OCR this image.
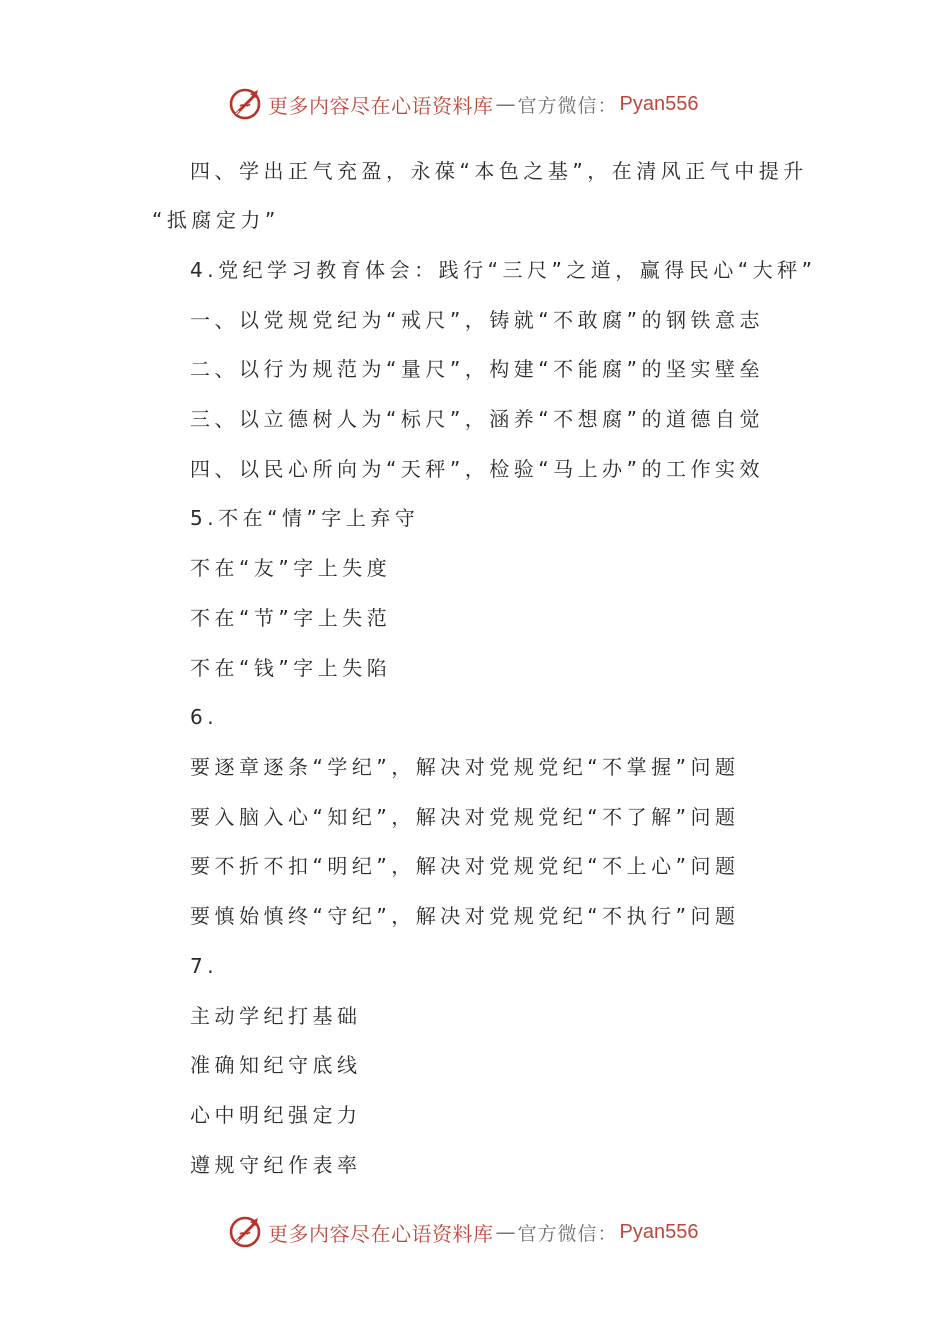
更多内容尽在心语资料库 — 官方微信： Pyan556
四、学出正气充盈，永葆“本色之基”，在清风正气中提升
“抵腐定力”
4.党纪学习教育体会：践行“三尺”之道，赢得民心“大秤”
一、以党规党纪为“戒尺”，铸就“不敢腐”的钢铁意志
二、以行为规范为“量尺”，构建“不能腐”的坚实壁垒
三、以立德树人为“标尺”，涵养“不想腐”的道德自觉
四、以民心所向为“天秤”，检验“马上办”的工作实效
5.不在“情”字上弃守
不在“友”字上失度
不在“节”字上失范
不在“钱”字上失陷
6.
要逐章逐条“学纪”，解决对党规党纪“不掌握”问题
要入脑入心“知纪”，解决对党规党纪“不了解”问题
要不折不扣“明纪”，解决对党规党纪“不上心”问题
要慎始慎终“守纪”，解决对党规党纪“不执行”问题
7.
主动学纪打基础
准确知纪守底线
心中明纪强定力
遵规守纪作表率
更多内容尽在心语资料库 — 官方微信： Pyan556
